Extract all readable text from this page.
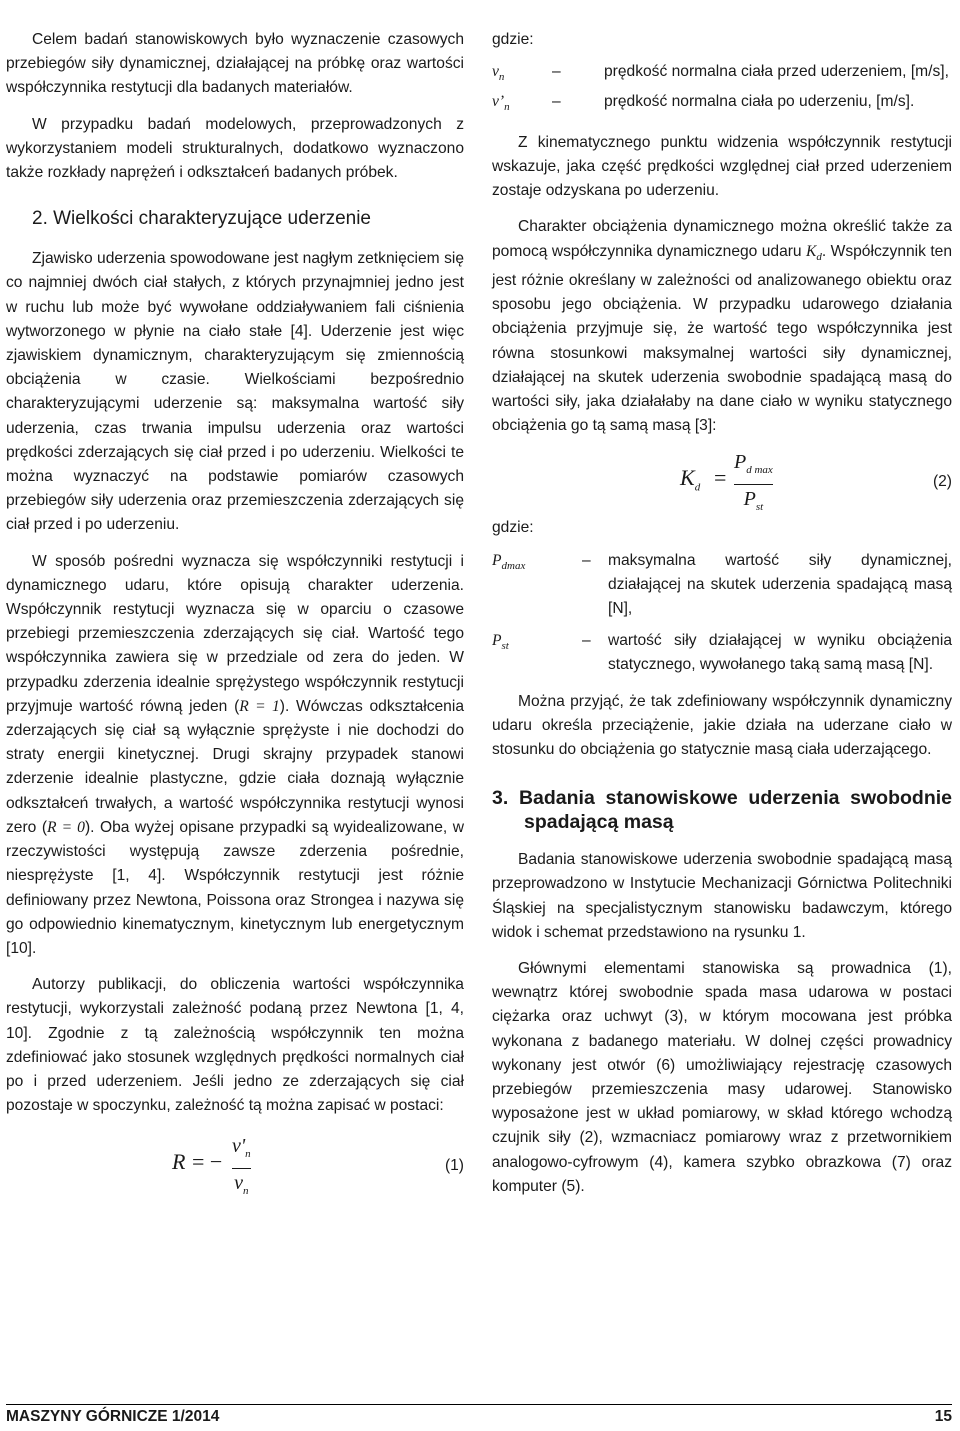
Celem badań stanowiskowych było wyznaczenie czasowych przebiegów siły dynamicznej, działającej na próbkę oraz wartości współczynnika restytucji dla badanych materiałów.

W przypadku badań modelowych, przeprowadzonych z wykorzystaniem modeli strukturalnych, dodatkowo wyznaczono także rozkłady naprężeń i odkształceń badanych próbek.

2. Wielkości charakteryzujące uderzenie

Zjawisko uderzenia spowodowane jest nagłym zetknięciem się co najmniej dwóch ciał stałych, z których przynajmniej jedno jest w ruchu lub może być wywołane oddziaływaniem fali ciśnienia wytworzonego w płynie na ciało stałe [4]. Uderzenie jest więc zjawiskiem dynamicznym, charakteryzującym się zmiennością obciążenia w czasie. Wielkościami bezpośrednio charakteryzującymi uderzenie są: maksymalna wartość siły uderzenia, czas trwania impulsu uderzenia oraz wartości prędkości zderzających się ciał przed i po uderzeniu. Wielkości te można wyznaczyć na podstawie pomiarów czasowych przebiegów siły uderzenia oraz przemieszczenia zderzających się ciał przed i po uderzeniu.

W sposób pośredni wyznacza się współczynniki restytucji i dynamicznego udaru, które opisują charakter uderzenia. Współczynnik restytucji wyznacza się w oparciu o czasowe przebiegi przemieszczenia zderzających się ciał. Wartość tego współczynnika zawiera się w przedziale od zera do jeden. W przypadku zderzenia idealnie sprężystego współczynnik restytucji przyjmuje wartość równą jeden (R = 1). Wówczas odkształcenia zderzających się ciał są wyłącznie sprężyste i nie dochodzi do straty energii kinetycznej. Drugi skrajny przypadek stanowi zderzenie idealnie plastyczne, gdzie ciała doznają wyłącznie odkształceń trwałych, a wartość współczynnika restytucji wynosi zero (R = 0). Oba wyżej opisane przypadki są wyidealizowane, w rzeczywistości występują zawsze zderzenia pośrednie, niesprężyste [1, 4]. Współczynnik restytucji jest różnie definiowany przez Newtona, Poissona oraz Strongea i nazywa się go odpowiednio kinematycznym, kinetycznym lub energetycznym [10].

Autorzy publikacji, do obliczenia wartości współczynnika restytucji, wykorzystali zależność podaną przez Newtona [1, 4, 10]. Zgodnie z tą zależnością współczynnik ten można zdefiniować jako stosunek względnych prędkości normalnych ciał po i przed uderzeniem. Jeśli jedno ze zderzających się ciał pozostaje w spoczynku, zależność tą można zapisać w postaci:

R = −
$v'_n$
$v_n$
(1)

gdzie:

$v_n$	–	prędkość normalna ciała przed uderzeniem, [m/s],
$v’_n$	–	prędkość normalna ciała po uderzeniu, [m/s].

Z kinematycznego punktu widzenia współczynnik restytucji wskazuje, jaka część prędkości względnej ciał przed uderzeniem zostaje odzyskana po uderzeniu.

Charakter obciążenia dynamicznego można określić także za pomocą współczynnika dynamicznego udaru $K_d$. Współczynnik ten jest różnie określany w zależności od analizowanego obiektu oraz sposobu jego obciążenia. W przypadku udarowego działania obciążenia przyjmuje się, że wartość tego współczynnika jest równa stosunkowi maksymalnej wartości siły dynamicznej, działającej na skutek uderzenia swobodnie spadającą masą do wartości siły, jaka działałaby na dane ciało w wyniku statycznego obciążenia go tą samą masą [3]:

$K_d$ =
$P_{d max}$
$P_{st}$
(2)

gdzie:

$P_{dmax}$	–	maksymalna wartość siły dynamicznej, działającej na skutek uderzenia spadającą masą [N],
$P_{st}$	–	wartość siły działającej w wyniku obciążenia statycznego, wywołanego taką samą masą [N].

Można przyjąć, że tak zdefiniowany współczynnik dynamiczny udaru określa przeciążenie, jakie działa na uderzane ciało w stosunku do obciążenia go statycznie masą ciała uderzającego.

3. Badania stanowiskowe uderzenia swobodnie spadającą masą

Badania stanowiskowe uderzenia swobodnie spadającą masą przeprowadzono w Instytucie Mechanizacji Górnictwa Politechniki Śląskiej na specjalistycznym stanowisku badawczym, którego widok i schemat przedstawiono na rysunku 1.

Głównymi elementami stanowiska są prowadnica (1), wewnątrz której swobodnie spada masa udarowa w postaci ciężarka oraz uchwyt (3), w którym mocowana jest próbka wykonana z badanego materiału. W dolnej części prowadnicy wykonany jest otwór (6) umożliwiający rejestrację czasowych przebiegów przemieszczenia masy udarowej. Stanowisko wyposażone jest w układ pomiarowy, w skład którego wchodzą czujnik siły (2), wzmacniacz pomiarowy wraz z przetwornikiem analogowo-cyfrowym (4), kamera szybko obrazkowa (7) oraz komputer (5).

MASZYNY GÓRNICZE 1/2014	15
